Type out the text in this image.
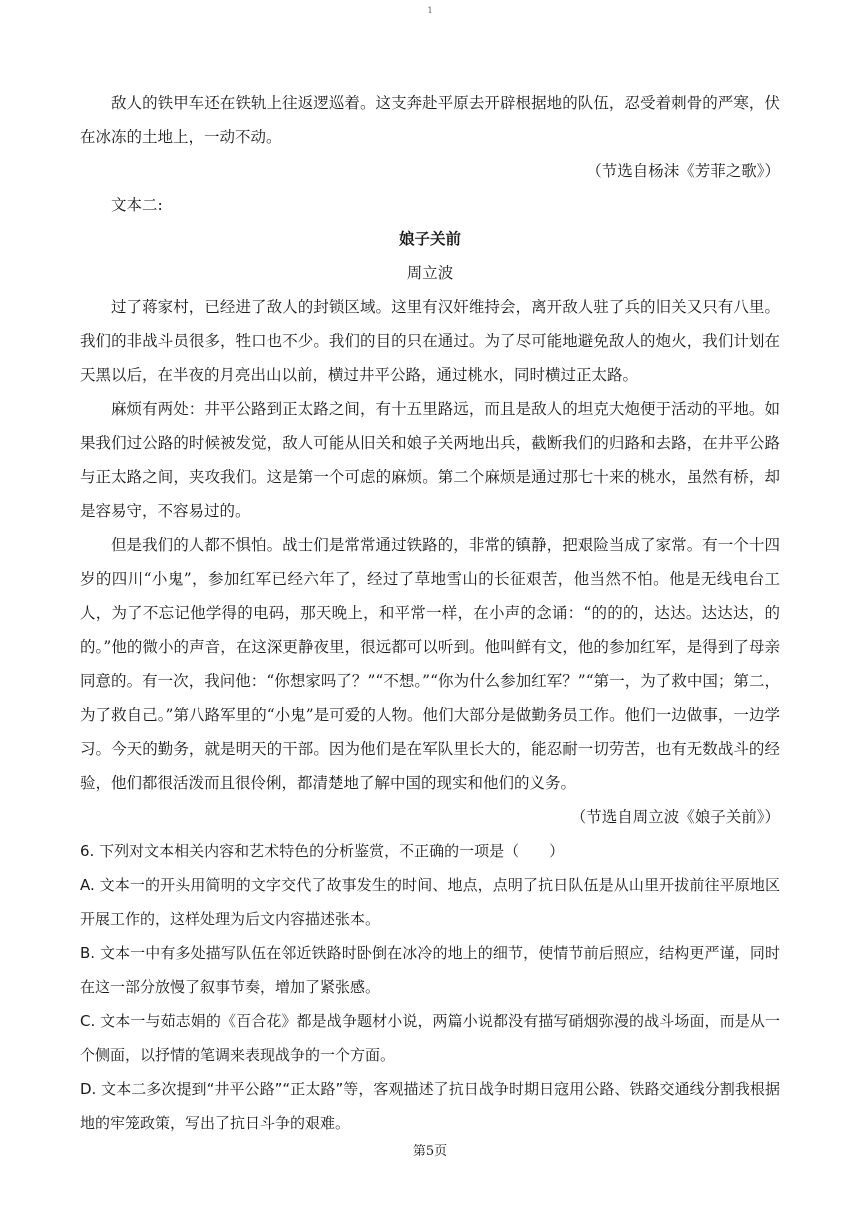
1

敌人的铁甲车还在铁轨上往返逻巡着。这支奔赴平原去开辟根据地的队伍，忍受着刺骨的严寒，伏在冰冻的土地上，一动不动。

（节选自杨沫《芳菲之歌》）

文本二:

娘子关前

周立波

过了蒋家村，已经进了敌人的封锁区域。这里有汉奸维持会，离开敌人驻了兵的旧关又只有八里。我们的非战斗员很多，牲口也不少。我们的目的只在通过。为了尽可能地避免敌人的炮火，我们计划在天黑以后，在半夜的月亮出山以前，横过井平公路，通过桃水，同时横过正太路。

麻烦有两处：井平公路到正太路之间，有十五里路远，而且是敌人的坦克大炮便于活动的平地。如果我们过公路的时候被发觉，敌人可能从旧关和娘子关两地出兵，截断我们的归路和去路，在井平公路与正太路之间，夹攻我们。这是第一个可虑的麻烦。第二个麻烦是通过那七十来的桃水，虽然有桥，却是容易守，不容易过的。

但是我们的人都不惧怕。战士们是常常通过铁路的，非常的镇静，把艰险当成了家常。有一个十四岁的四川“小鬼”，参加红军已经六年了，经过了草地雪山的长征艰苦，他当然不怕。他是无线电台工人，为了不忘记他学得的电码，那天晚上，和平常一样，在小声的念诵：“的的的，达达。达达达，的的。”他的微小的声音，在这深更静夜里，很远都可以听到。他叫鲜有文，他的参加红军，是得到了母亲同意的。有一次，我问他：“你想家吗了？”“不想。”“你为什么参加红军？”“第一，为了救中国；第二，为了救自己。”第八路军里的“小鬼”是可爱的人物。他们大部分是做勤务员工作。他们一边做事，一边学习。今天的勤务，就是明天的干部。因为他们是在军队里长大的，能忍耐一切劳苦，也有无数战斗的经验，他们都很活泼而且很伶俐，都清楚地了解中国的现实和他们的义务。

（节选自周立波《娘子关前》）

6. 下列对文本相关内容和艺术特色的分析鉴赏，不正确的一项是（　　）

A. 文本一的开头用简明的文字交代了故事发生的时间、地点，点明了抗日队伍是从山里开拔前往平原地区开展工作的，这样处理为后文内容描述张本。

B. 文本一中有多处描写队伍在邻近铁路时卧倒在冰冷的地上的细节，使情节前后照应，结构更严谨，同时在这一部分放慢了叙事节奏，增加了紧张感。

C. 文本一与茹志娟的《百合花》都是战争题材小说，两篇小说都没有描写硝烟弥漫的战斗场面，而是从一个侧面，以抒情的笔调来表现战争的一个方面。

D. 文本二多次提到“井平公路”“正太路”等，客观描述了抗日战争时期日寇用公路、铁路交通线分割我根据地的牢笼政策，写出了抗日斗争的艰难。

第5页
